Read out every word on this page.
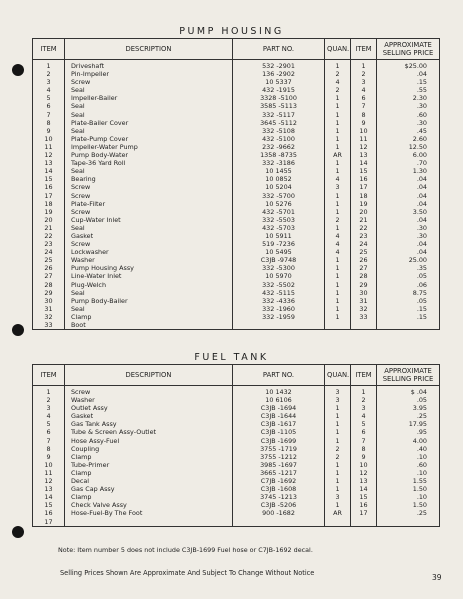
PUMP HOUSING
ITEM	DESCRIPTION	PART NO.	QUAN.	ITEM	APPROXIMATE SELLING PRICE
1	Driveshaft	532 -2901	1	1	$25.00
2	Pin-Impeller	136 -2902	2	2	.04
3	Screw	10 5337	4	3	.15
4	Seal	432 -1915	2	4	.55
5	Impeller-Bailer	3328 -5100	1	6	2.30
6	Seal	3585 -5113	1	7	.30
7	Seal	332 -5117	1	8	.60
8	Plate-Bailer Cover	3645 -5112	1	9	.30
9	Seal	332 -5108	1	10	.45
10	Plate-Pump Cover	432 -5100	1	11	2.60
11	Impeller-Water Pump	232 -9662	1	12	12.50
12	Pump Body-Water	1358 -8735	AR	13	6.00
13	Tape-36 Yard Roll	332 -3186	1	14	.70
14	Seal	10 1455	1	15	1.30
15	Bearing	10 0852	4	16	.04
16	Screw	10 5204	3	17	.04
17	Screw	332 -5700	1	18	.04
18	Plate-Filter	10 5276	1	19	.04
19	Screw	432 -5701	1	20	3.50
20	Cup-Water Inlet	332 -5503	2	21	.04
21	Seal	432 -5703	1	22	.30
22	Gasket	10 5911	4	23	.30
23	Screw	519 -7236	4	24	.04
24	Lockwasher	10 5495	4	25	.04
25	Washer	C3JB -9748	1	26	25.00
26	Pump Housing Assy	332 -5300	1	27	.35
27	Line-Water Inlet	10 5970	1	28	.05
28	Plug-Welch	332 -5502	1	29	.06
29	Seal	432 -5115	1	30	8.75
30	Pump Body-Bailer	332 -4336	1	31	.05
31	Seal	332 -1960	1	32	.15
32	Clamp	332 -1959	1	33	.15
33	Boot				
FUEL TANK
ITEM	DESCRIPTION	PART NO.	QUAN.	ITEM	APPROXIMATE SELLING PRICE
1	Screw	10 1432	3	1	$ .04
2	Washer	10 6106	3	2	.05
3	Outlet Assy	C3JB -1694	1	3	3.95
4	Gasket	C3JB -1644	1	4	.25
5	Gas Tank Assy	C3JB -1617	1	5	17.95
6	Tube & Screen Assy-Outlet	C3JB -1105	1	6	.95
7	Hose Assy-Fuel	C3JB -1699	1	7	4.00
8	Coupling	3755 -1719	2	8	.40
9	Clamp	3755 -1212	2	9	.10
10	Tube-Primer	3985 -1697	1	10	.60
11	Clamp	3665 -1217	1	12	.10
12	Decal	C7JB -1692	1	13	1.55
13	Gas Cap Assy	C3JB -1608	1	14	1.50
14	Clamp	3745 -1213	3	15	.10
15	Check Valve Assy	C3JB -5206	1	16	1.50
16	Hose-Fuel-By The Foot	900 -1682	AR	17	.25
17					
Note: Item number 5 does not include C3JB-1699 Fuel hose or C7JB-1692 decal.
Selling Prices Shown Are Approximate And Subject To Change Without Notice	39
